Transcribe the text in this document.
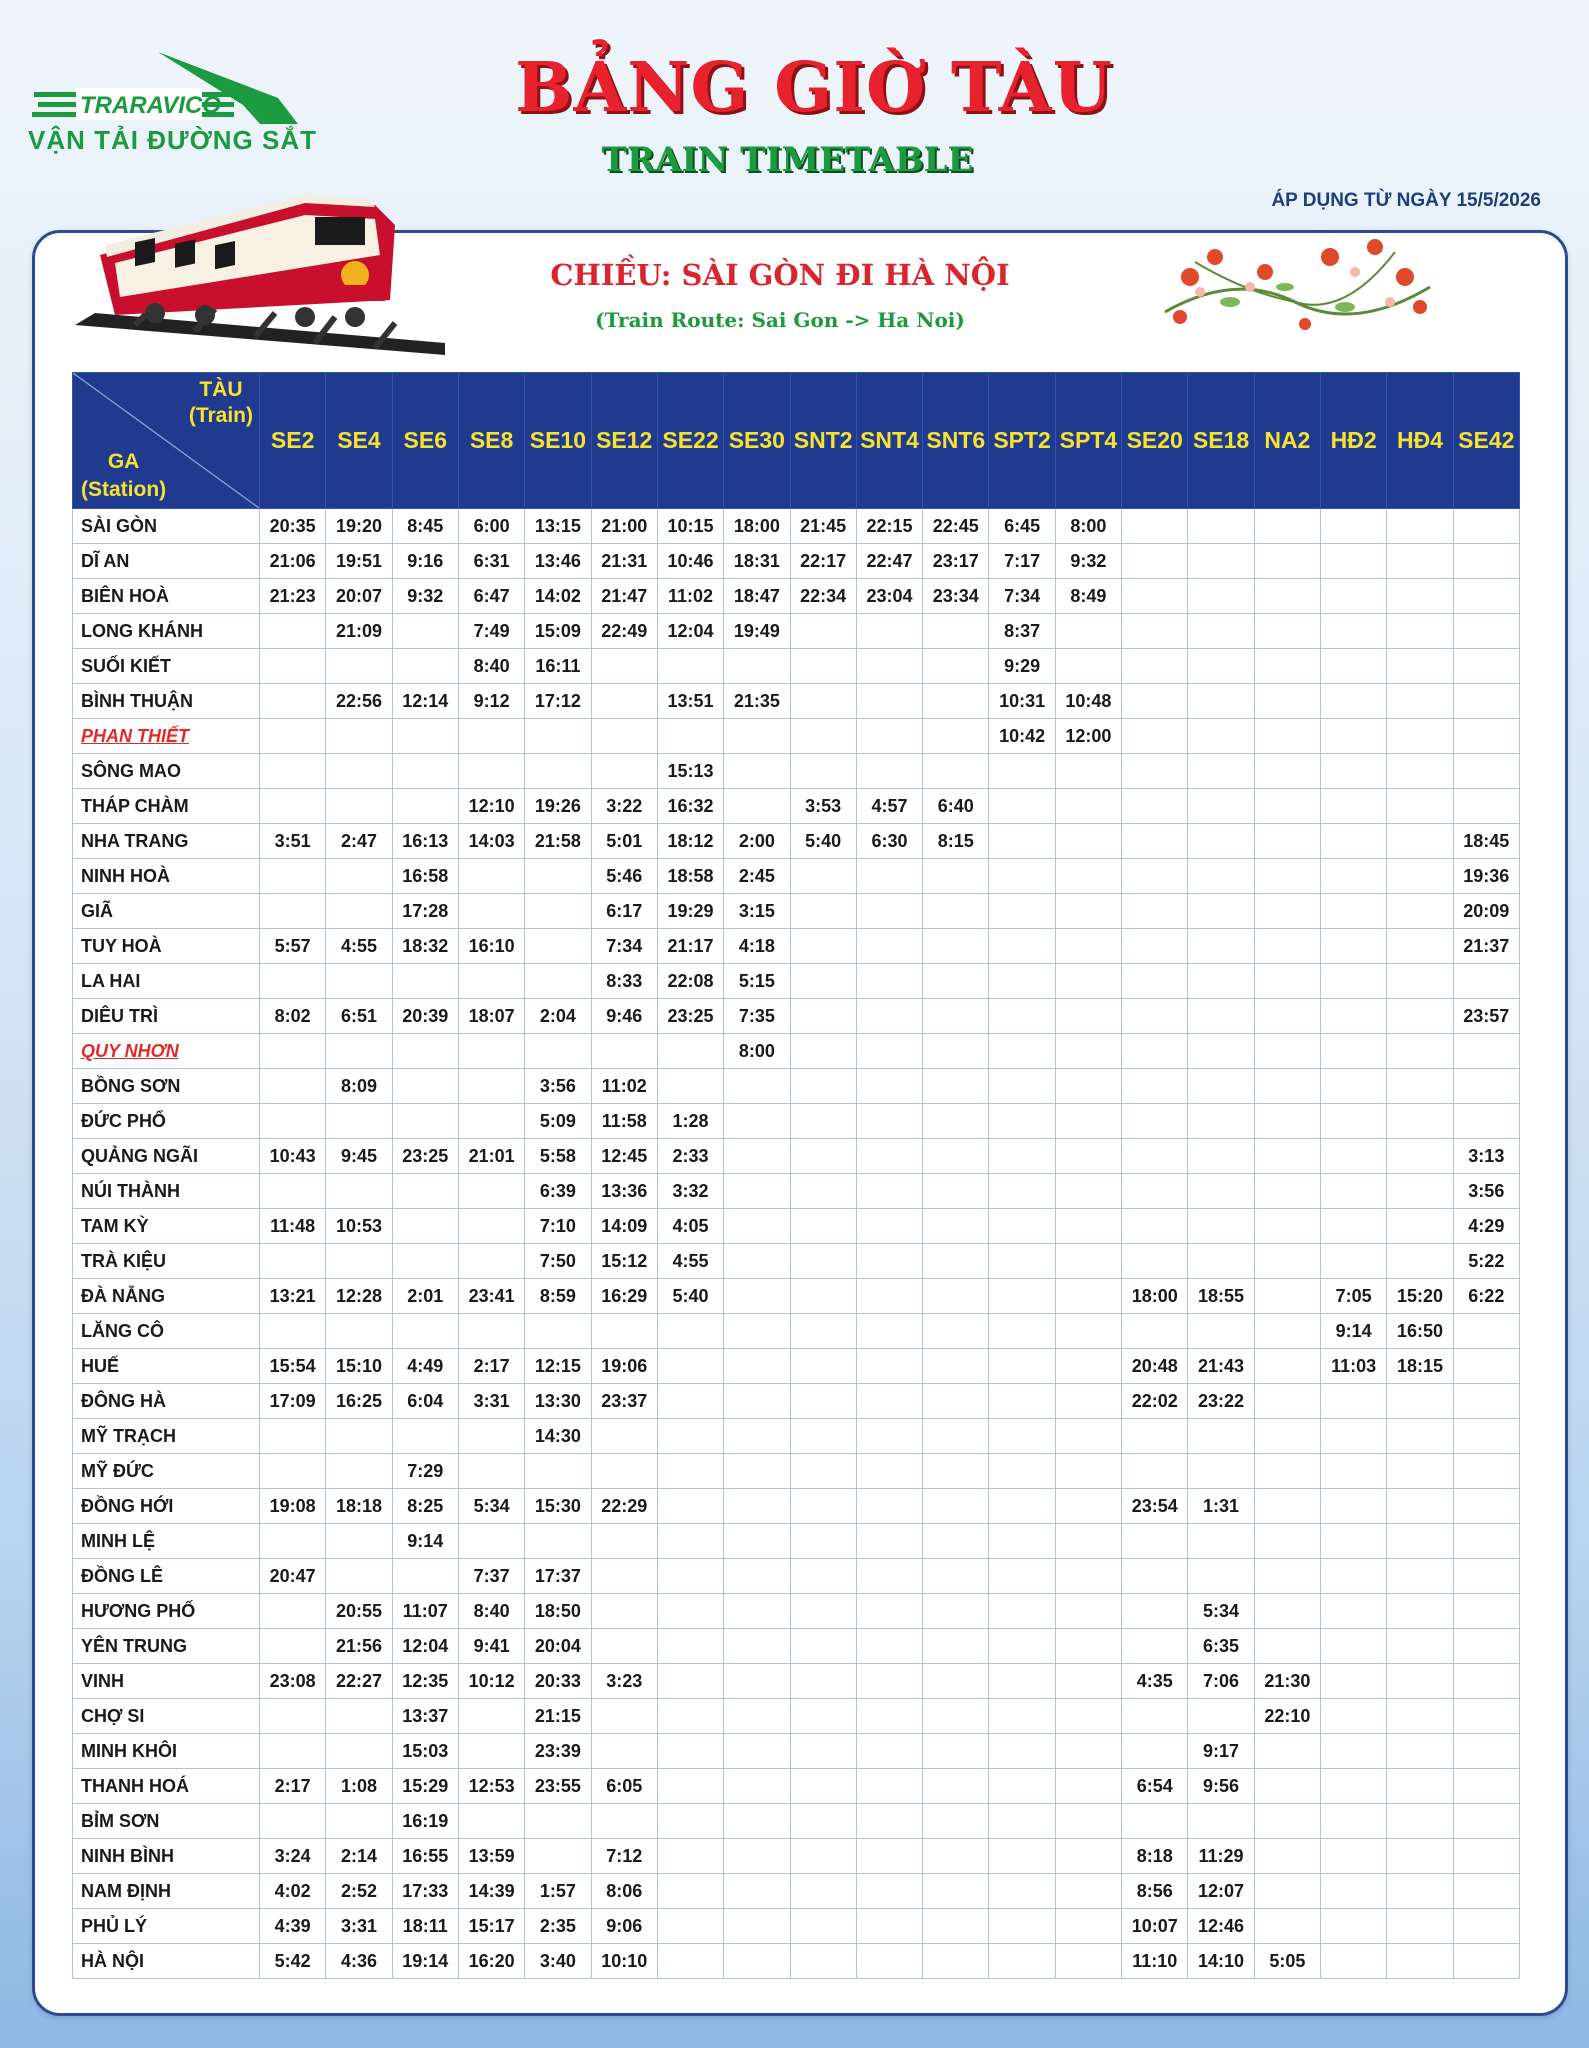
TRARAVICO
VẬN TẢI ĐƯỜNG SẮT
BẢNG GIỜ TÀU
TRAIN TIMETABLE
ÁP DỤNG TỪ NGÀY 15/5/2026
CHIỀU: SÀI GÒN ĐI HÀ NỘI
(Train Route: Sai Gon -> Ha Noi)
TÀU
(Train)
GA
(Station)	SE2	SE4	SE6	SE8	SE10	SE12	SE22	SE30	SNT2	SNT4	SNT6	SPT2	SPT4	SE20	SE18	NA2	HĐ2	HĐ4	SE42
SÀI GÒN	20:35	19:20	8:45	6:00	13:15	21:00	10:15	18:00	21:45	22:15	22:45	6:45	8:00						
DĨ AN	21:06	19:51	9:16	6:31	13:46	21:31	10:46	18:31	22:17	22:47	23:17	7:17	9:32						
BIÊN HOÀ	21:23	20:07	9:32	6:47	14:02	21:47	11:02	18:47	22:34	23:04	23:34	7:34	8:49						
LONG KHÁNH		21:09		7:49	15:09	22:49	12:04	19:49				8:37							
SUỐI KIẾT				8:40	16:11							9:29							
BÌNH THUẬN		22:56	12:14	9:12	17:12		13:51	21:35				10:31	10:48						
PHAN THIẾT												10:42	12:00						
SÔNG MAO							15:13												
THÁP CHÀM				12:10	19:26	3:22	16:32		3:53	4:57	6:40								
NHA TRANG	3:51	2:47	16:13	14:03	21:58	5:01	18:12	2:00	5:40	6:30	8:15								18:45
NINH HOÀ			16:58			5:46	18:58	2:45											19:36
GIÃ			17:28			6:17	19:29	3:15											20:09
TUY HOÀ	5:57	4:55	18:32	16:10		7:34	21:17	4:18											21:37
LA HAI						8:33	22:08	5:15											
DIÊU TRÌ	8:02	6:51	20:39	18:07	2:04	9:46	23:25	7:35											23:57
QUY NHƠN								8:00											
BỒNG SƠN		8:09			3:56	11:02													
ĐỨC PHỔ					5:09	11:58	1:28												
QUẢNG NGÃI	10:43	9:45	23:25	21:01	5:58	12:45	2:33												3:13
NÚI THÀNH					6:39	13:36	3:32												3:56
TAM KỲ	11:48	10:53			7:10	14:09	4:05												4:29
TRÀ KIỆU					7:50	15:12	4:55												5:22
ĐÀ NẴNG	13:21	12:28	2:01	23:41	8:59	16:29	5:40							18:00	18:55		7:05	15:20	6:22
LĂNG CÔ																	9:14	16:50	
HUẾ	15:54	15:10	4:49	2:17	12:15	19:06								20:48	21:43		11:03	18:15	
ĐÔNG HÀ	17:09	16:25	6:04	3:31	13:30	23:37								22:02	23:22				
MỸ TRẠCH					14:30														
MỸ ĐỨC			7:29																
ĐỒNG HỚI	19:08	18:18	8:25	5:34	15:30	22:29								23:54	1:31				
MINH LỆ			9:14																
ĐỒNG LÊ	20:47			7:37	17:37														
HƯƠNG PHỐ		20:55	11:07	8:40	18:50										5:34				
YÊN TRUNG		21:56	12:04	9:41	20:04										6:35				
VINH	23:08	22:27	12:35	10:12	20:33	3:23								4:35	7:06	21:30			
CHỢ SI			13:37		21:15											22:10			
MINH KHÔI			15:03		23:39										9:17				
THANH HOÁ	2:17	1:08	15:29	12:53	23:55	6:05								6:54	9:56				
BỈM SƠN			16:19																
NINH BÌNH	3:24	2:14	16:55	13:59		7:12								8:18	11:29				
NAM ĐỊNH	4:02	2:52	17:33	14:39	1:57	8:06								8:56	12:07				
PHỦ LÝ	4:39	3:31	18:11	15:17	2:35	9:06								10:07	12:46				
HÀ NỘI	5:42	4:36	19:14	16:20	3:40	10:10								11:10	14:10	5:05			
